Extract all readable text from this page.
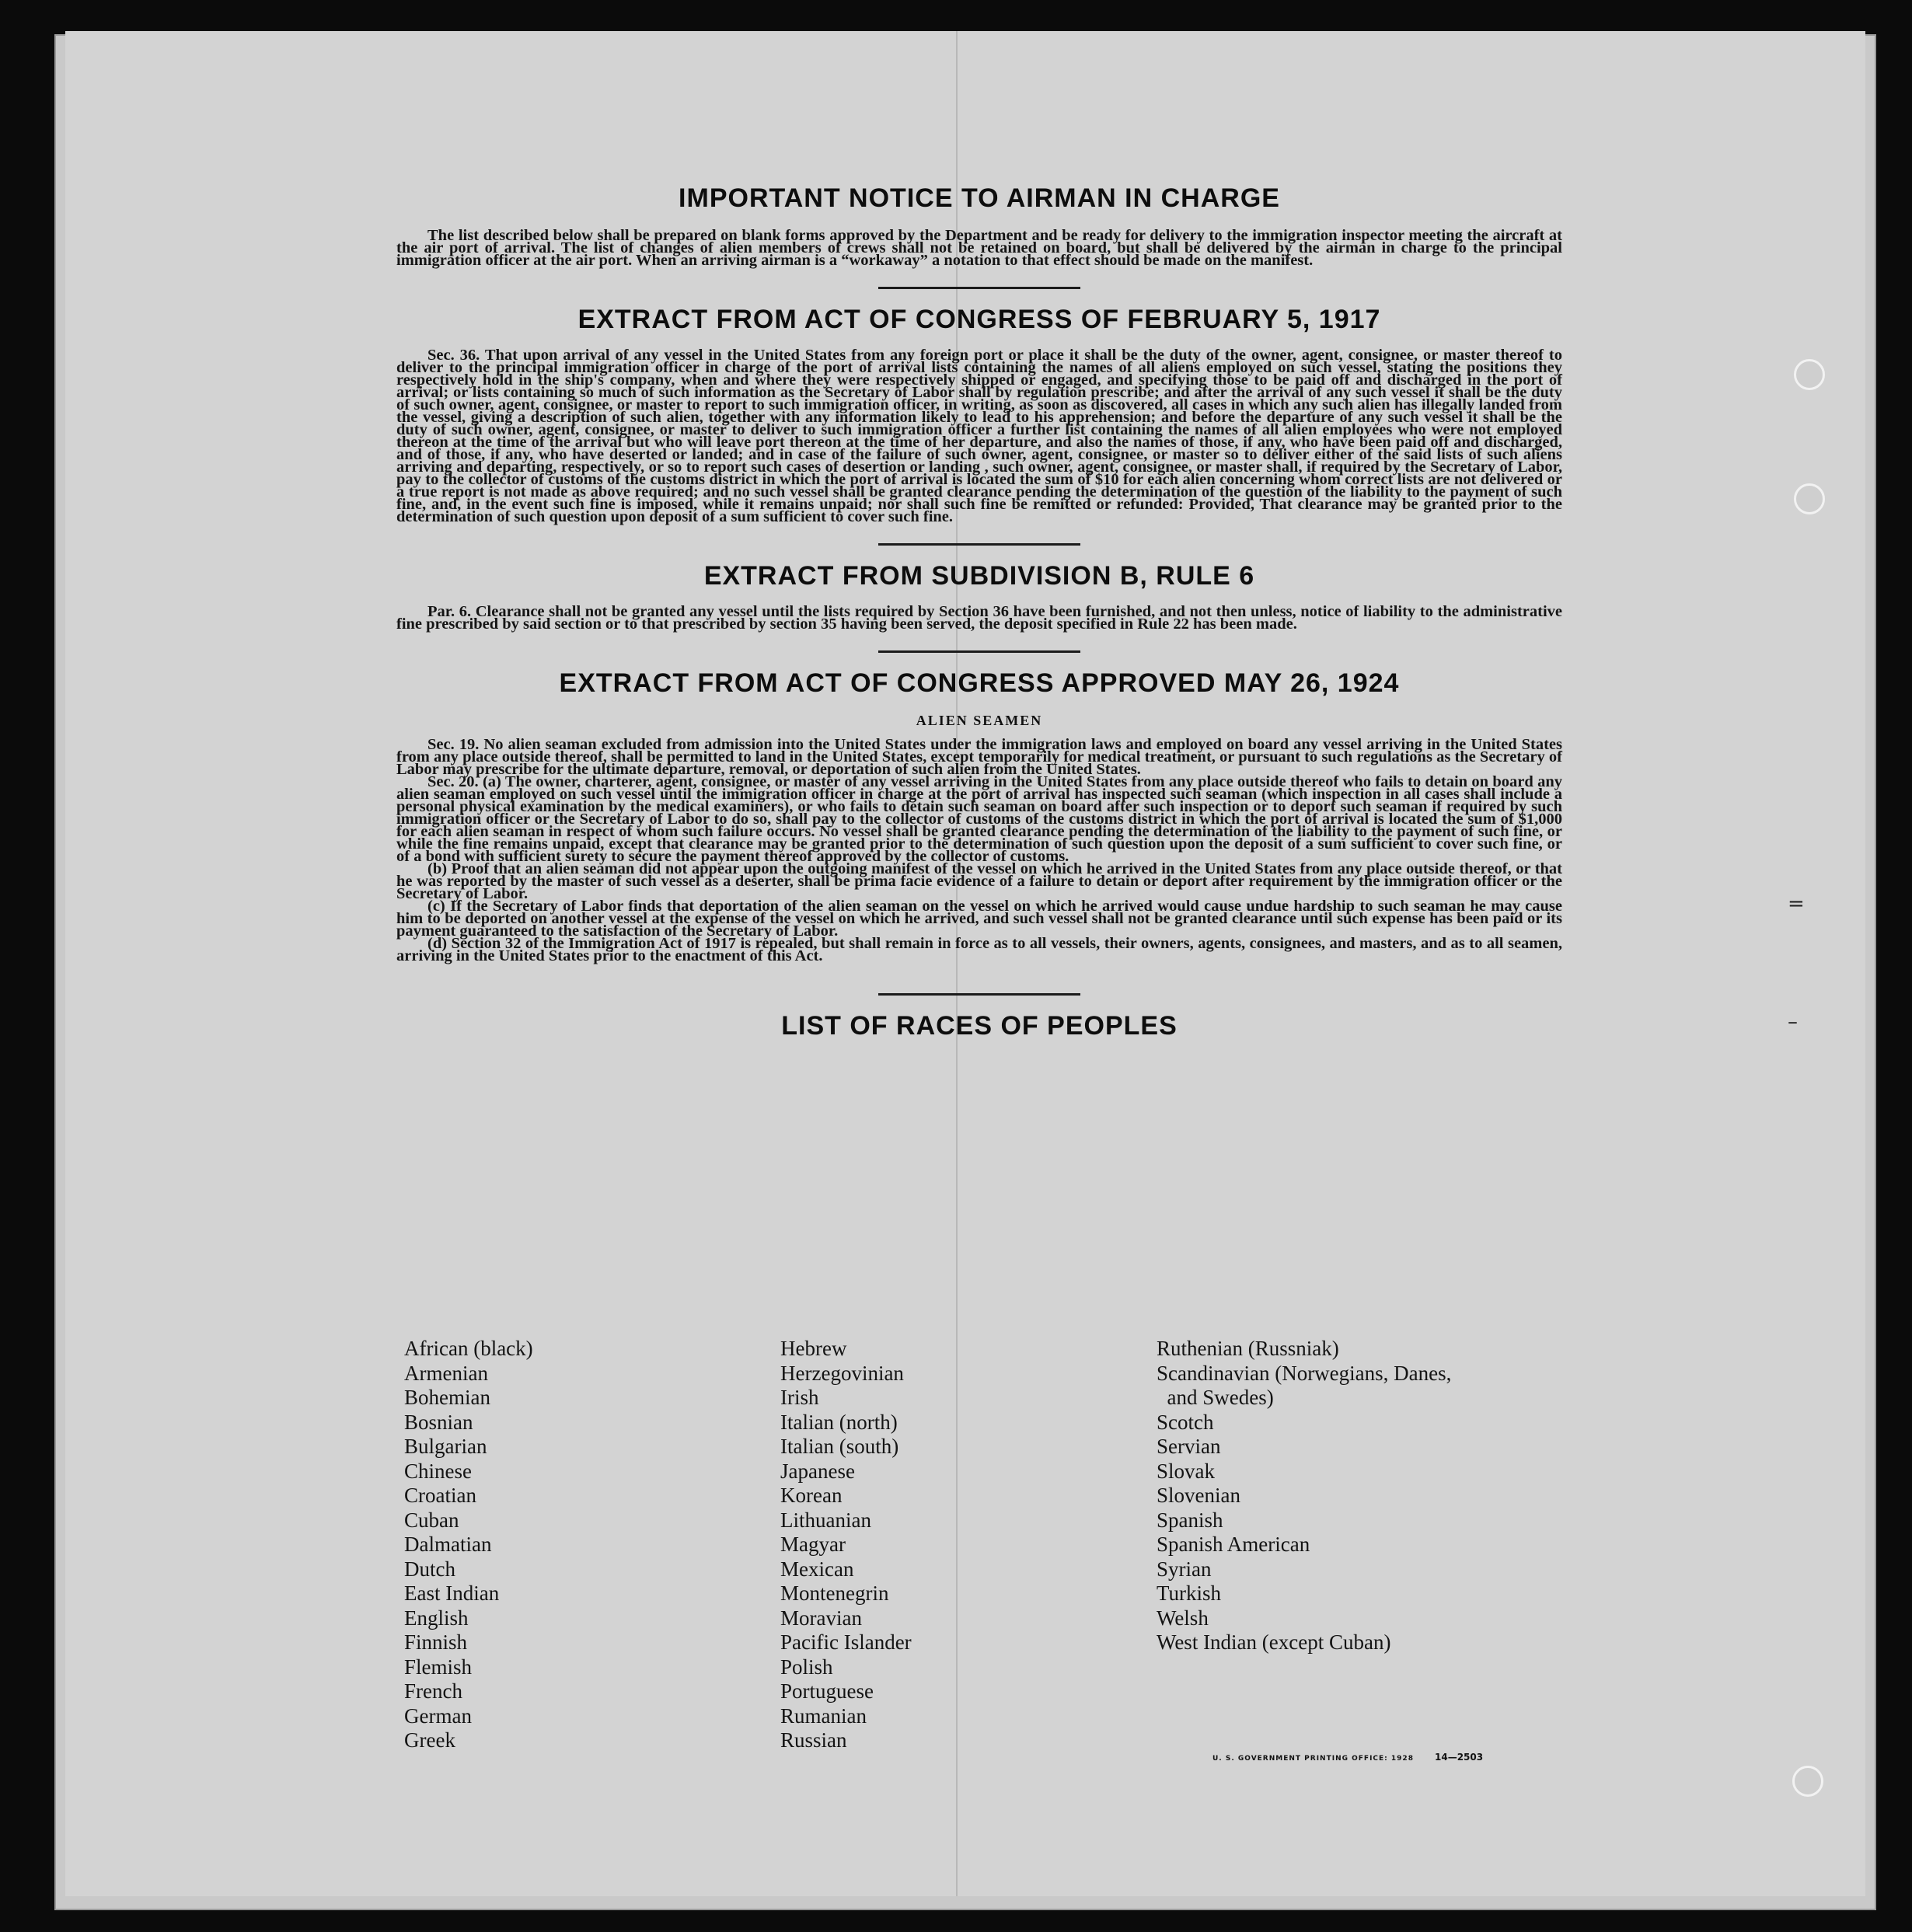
=
–
IMPORTANT NOTICE TO AIRMAN IN CHARGE

The list described below shall be prepared on blank forms approved by the Department and be ready for delivery to the immigration inspector meeting the aircraft at the air port of arrival. The list of changes of alien members of crews shall not be retained on board, but shall be delivered by the airman in charge to the principal immigration officer at the air port. When an arriving airman is a “workaway” a notation to that effect should be made on the manifest.

EXTRACT FROM ACT OF CONGRESS OF FEBRUARY 5, 1917

Sec. 36. That upon arrival of any vessel in the United States from any foreign port or place it shall be the duty of the owner, agent, consignee, or master thereof to deliver to the principal immigration officer in charge of the port of arrival lists containing the names of all aliens employed on such vessel, stating the positions they respectively hold in the ship's company, when and where they were respectively shipped or engaged, and specifying those to be paid off and discharged in the port of arrival; or lists containing so much of such information as the Secretary of Labor shall by regulation prescribe; and after the arrival of any such vessel it shall be the duty of such owner, agent, consignee, or master to report to such immigration officer, in writing, as soon as discovered, all cases in which any such alien has illegally landed from the vessel, giving a description of such alien, together with any information likely to lead to his apprehension; and before the departure of any such vessel it shall be the duty of such owner, agent, consignee, or master to deliver to such immigration officer a further list containing the names of all alien employees who were not employed thereon at the time of the arrival but who will leave port thereon at the time of her departure, and also the names of those, if any, who have been paid off and discharged, and of those, if any, who have deserted or landed; and in case of the failure of such owner, agent, consignee, or master so to deliver either of the said lists of such aliens arriving and departing, respectively, or so to report such cases of desertion or landing , such owner, agent, consignee, or master shall, if required by the Secretary of Labor, pay to the collector of customs of the customs district in which the port of arrival is located the sum of $10 for each alien concerning whom correct lists are not delivered or a true report is not made as above required; and no such vessel shall be granted clearance pending the determination of the question of the liability to the payment of such fine, and, in the event such fine is imposed, while it remains unpaid; nor shall such fine be remitted or refunded: Provided, That clearance may be granted prior to the determination of such question upon deposit of a sum sufficient to cover such fine.

EXTRACT FROM SUBDIVISION B, RULE 6

Par. 6. Clearance shall not be granted any vessel until the lists required by Section 36 have been furnished, and not then unless, notice of liability to the administrative fine prescribed by said section or to that prescribed by section 35 having been served, the deposit specified in Rule 22 has been made.

EXTRACT FROM ACT OF CONGRESS APPROVED MAY 26, 1924
ALIEN SEAMEN

Sec. 19. No alien seaman excluded from admission into the United States under the immigration laws and employed on board any vessel arriving in the United States from any place outside thereof, shall be permitted to land in the United States, except temporarily for medical treatment, or pursuant to such regulations as the Secretary of Labor may prescribe for the ultimate departure, removal, or deportation of such alien from the United States.

Sec. 20. (a) The owner, charterer, agent, consignee, or master of any vessel arriving in the United States from any place outside thereof who fails to detain on board any alien seaman employed on such vessel until the immigration officer in charge at the port of arrival has inspected such seaman (which inspection in all cases shall include a personal physical examination by the medical examiners), or who fails to detain such seaman on board after such inspection or to deport such seaman if required by such immigration officer or the Secretary of Labor to do so, shall pay to the collector of customs of the customs district in which the port of arrival is located the sum of $1,000 for each alien seaman in respect of whom such failure occurs. No vessel shall be granted clearance pending the determination of the liability to the payment of such fine, or while the fine remains unpaid, except that clearance may be granted prior to the determination of such question upon the deposit of a sum sufficient to cover such fine, or of a bond with sufficient surety to secure the payment thereof approved by the collector of customs.

(b) Proof that an alien seaman did not appear upon the outgoing manifest of the vessel on which he arrived in the United States from any place outside thereof, or that he was reported by the master of such vessel as a deserter, shall be prima facie evidence of a failure to detain or deport after requirement by the immigration officer or the Secretary of Labor.

(c) If the Secretary of Labor finds that deportation of the alien seaman on the vessel on which he arrived would cause undue hardship to such seaman he may cause him to be deported on another vessel at the expense of the vessel on which he arrived, and such vessel shall not be granted clearance until such expense has been paid or its payment guaranteed to the satisfaction of the Secretary of Labor.

(d) Section 32 of the Immigration Act of 1917 is repealed, but shall remain in force as to all vessels, their owners, agents, consignees, and masters, and as to all seamen, arriving in the United States prior to the enactment of this Act.

LIST OF RACES OF PEOPLES
African (black)
Armenian
Bohemian
Bosnian
Bulgarian
Chinese
Croatian
Cuban
Dalmatian
Dutch
East Indian
English
Finnish
Flemish
French
German
Greek
Hebrew
Herzegovinian
Irish
Italian (north)
Italian (south)
Japanese
Korean
Lithuanian
Magyar
Mexican
Montenegrin
Moravian
Pacific Islander
Polish
Portuguese
Rumanian
Russian
Ruthenian (Russniak)
Scandinavian (Norwegians, Danes,
and Swedes)
Scotch
Servian
Slovak
Slovenian
Spanish
Spanish American
Syrian
Turkish
Welsh
West Indian (except Cuban)
U. S. GOVERNMENT PRINTING OFFICE: 1928 14—2503
